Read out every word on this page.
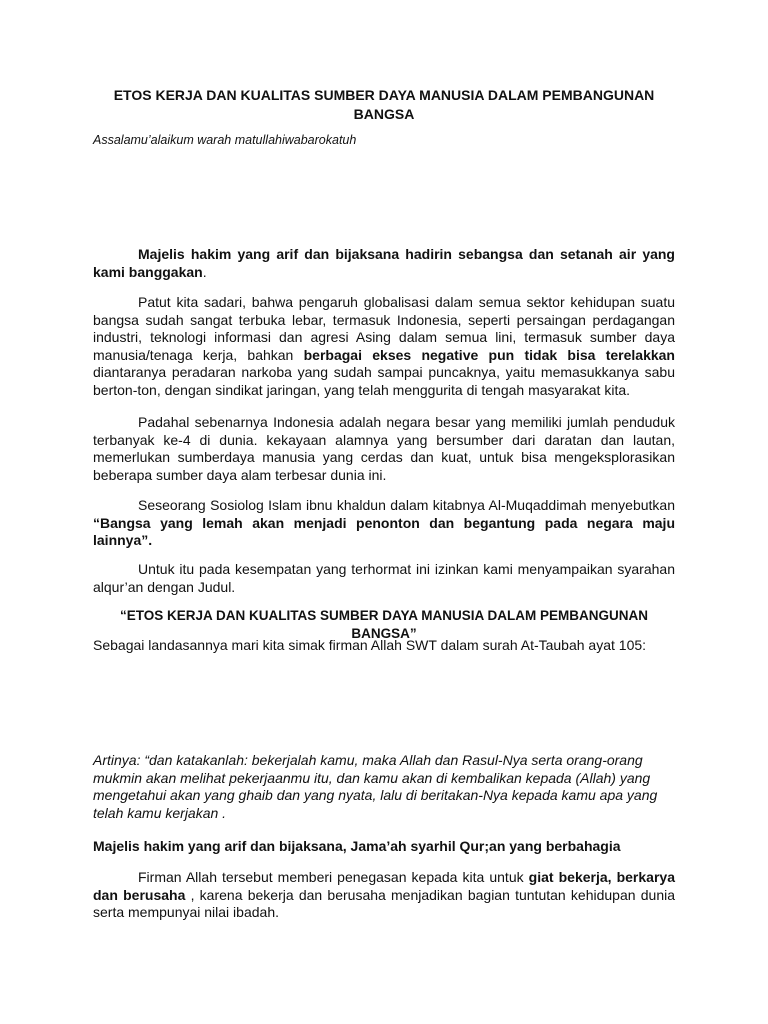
ETOS KERJA DAN KUALITAS SUMBER DAYA MANUSIA DALAM PEMBANGUNAN BANGSA
Assalamu’alaikum warah matullahiwabarokatuh
Majelis hakim yang arif dan bijaksana hadirin sebangsa dan setanah air yang kami banggakan.
Patut kita sadari, bahwa pengaruh globalisasi dalam semua sektor kehidupan suatu bangsa sudah sangat terbuka lebar, termasuk Indonesia, seperti persaingan perdagangan industri, teknologi informasi dan agresi Asing dalam semua lini, termasuk sumber daya manusia/tenaga kerja, bahkan berbagai ekses negative pun tidak bisa terelakkan diantaranya peradaran narkoba yang sudah sampai puncaknya, yaitu memasukkanya sabu berton-ton, dengan sindikat jaringan, yang telah menggurita di tengah masyarakat kita.
Padahal sebenarnya Indonesia adalah negara besar yang memiliki jumlah penduduk terbanyak ke-4 di dunia. kekayaan alamnya yang bersumber dari daratan dan lautan, memerlukan sumberdaya manusia yang cerdas dan kuat, untuk bisa mengeksplorasikan beberapa sumber daya alam terbesar dunia ini.
Seseorang Sosiolog Islam ibnu khaldun dalam kitabnya Al-Muqaddimah menyebutkan “Bangsa yang lemah akan menjadi penonton dan begantung pada negara maju lainnya”.
Untuk itu pada kesempatan yang terhormat ini izinkan kami menyampaikan syarahan alqur’an dengan Judul.
“ETOS KERJA DAN KUALITAS SUMBER DAYA MANUSIA DALAM PEMBANGUNAN BANGSA”
Sebagai landasannya mari kita simak firman Allah SWT dalam surah At-Taubah ayat 105:
Artinya: “dan katakanlah: bekerjalah kamu, maka Allah dan Rasul-Nya serta orang-orang mukmin akan melihat pekerjaanmu itu, dan kamu akan di kembalikan kepada (Allah) yang mengetahui akan yang ghaib dan yang nyata, lalu di beritakan-Nya kepada kamu apa yang telah kamu kerjakan .
Majelis hakim yang arif dan bijaksana, Jama’ah syarhil Qur;an yang berbahagia
Firman Allah tersebut memberi penegasan kepada kita untuk giat bekerja, berkarya dan berusaha , karena bekerja dan berusaha menjadikan bagian tuntutan kehidupan dunia serta mempunyai nilai ibadah.
